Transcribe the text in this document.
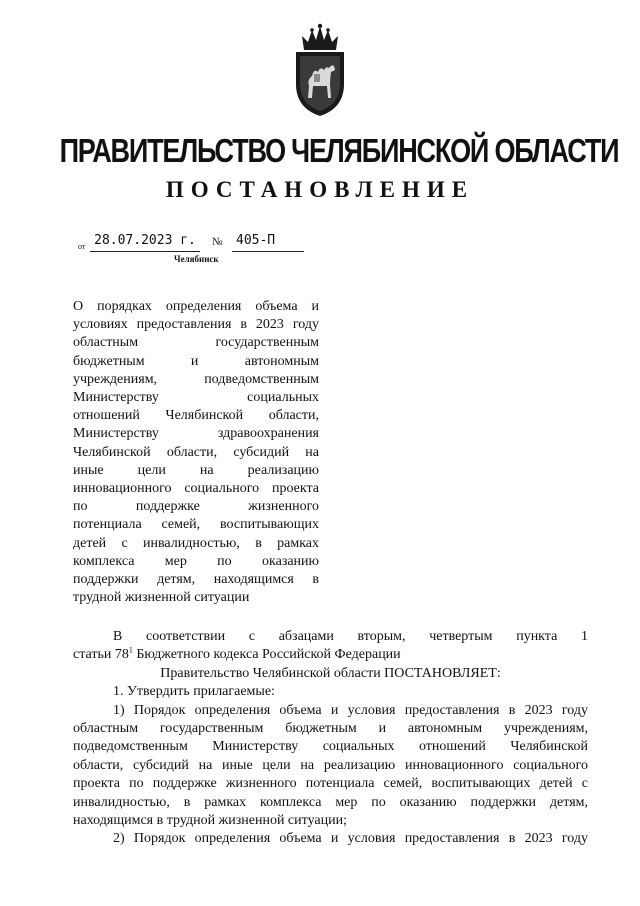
ПРАВИТЕЛЬСТВО ЧЕЛЯБИНСКОЙ ОБЛАСТИ
ПОСТАНОВЛЕНИЕ
от 28.07.2023 г.	№	405-П
Челябинск
О порядках определения объема и
условиях предоставления в 2023 году
областным государственным
бюджетным и автономным
учреждениям, подведомственным
Министерству социальных
отношений Челябинской области,
Министерству здравоохранения
Челябинской области, субсидий на
иные цели на реализацию
инновационного социального проекта
по поддержке жизненного
потенциала семей, воспитывающих
детей с инвалидностью, в рамках
комплекса мер по оказанию
поддержки детям, находящимся в
трудной жизненной ситуации
В соответствии с абзацами вторым, четвертым пункта 1
статьи $78^1$ Бюджетного кодекса Российской Федерации
Правительство Челябинской области ПОСТАНОВЛЯЕТ:
1. Утвердить прилагаемые:
1) Порядок определения объема и условия предоставления в 2023 году
областным государственным бюджетным и автономным учреждениям,
подведомственным Министерству социальных отношений Челябинской
области, субсидий на иные цели на реализацию инновационного социального
проекта по поддержке жизненного потенциала семей, воспитывающих детей с
инвалидностью, в рамках комплекса мер по оказанию поддержки детям,
находящимся в трудной жизненной ситуации;
2) Порядок определения объема и условия предоставления в 2023 году
